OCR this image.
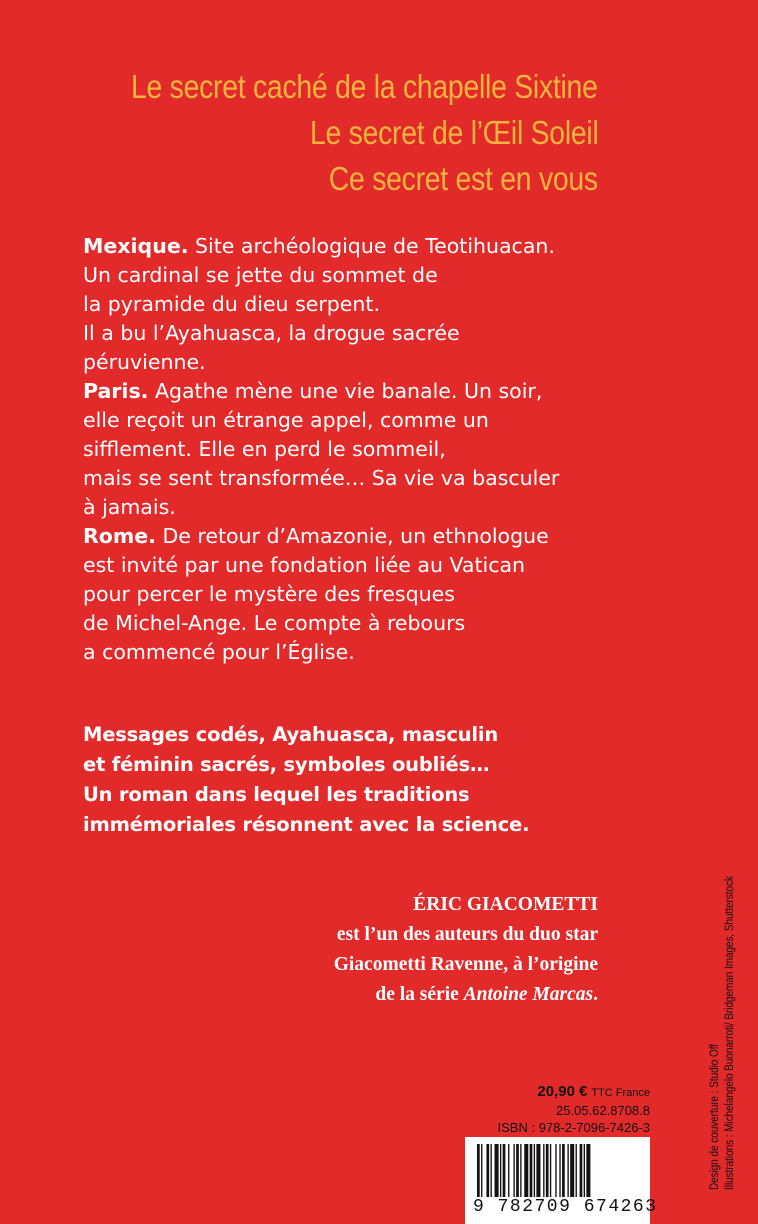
Le secret caché de la chapelle Sixtine
Le secret de l’Œil Soleil
Ce secret est en vous
Mexique. Site archéologique de Teotihuacan.
Un cardinal se jette du sommet de
la pyramide du dieu serpent.
Il a bu l’Ayahuasca, la drogue sacrée
péruvienne.
Paris. Agathe mène une vie banale. Un soir,
elle reçoit un étrange appel, comme un
sifflement. Elle en perd le sommeil,
mais se sent transformée… Sa vie va basculer
à jamais.
Rome. De retour d’Amazonie, un ethnologue
est invité par une fondation liée au Vatican
pour percer le mystère des fresques
de Michel-Ange. Le compte à rebours
a commencé pour l’Église.
Messages codés, Ayahuasca, masculin
et féminin sacrés, symboles oubliés…
Un roman dans lequel les traditions
immémoriales résonnent avec la science.
ÉRIC GIACOMETTI
est l’un des auteurs du duo star
Giacometti Ravenne, à l’origine
de la série Antoine Marcas.
Design de couverture : Studio Off Illustrations : Michelangelo Buonarroti/ Bridgeman Images, Shutterstock
20,90 € TTC France
25.05.62.8708.8
ISBN : 978-2-7096-7426-3
9 782709 674263
